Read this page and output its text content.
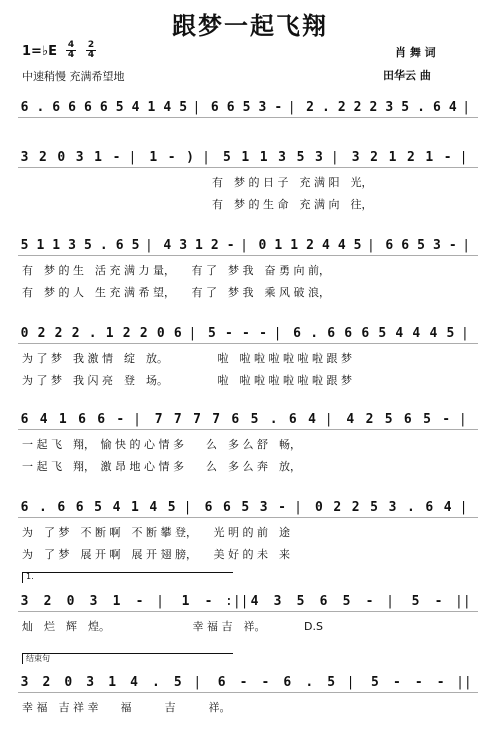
跟梦一起飞翔
1=♭E 4
4
2
4
中速稍慢 充满希望地
肖 舞 词
田华云 曲
6 . 6 6 6 6 5 4 1 4 5 | 6 6 5 3 - | 2 . 2 2 2 3 5 . 6 4 |
3 2 0 3 1 - | 1 - ) | 5 1 1 3 5 3 | 3 2 1 2 1 - |
有　梦 的 日 子　充 满 阳　光，
有　梦 的 生 命　充 满 向　往，
5 1 1 3 5 . 6 5 | 4 3 1 2 - | 0 1 1 2 4 4 5 | 6 6 5 3 - |
有　梦 的 生　活 充 满 力 量，　　有 了　梦 我　奋 勇 向 前，
有　梦 的 人　生 充 满 希 望，　　有 了　梦 我　乘 风 破 浪，
0 2 2 2 . 1 2 2 0 6 | 5 - - - | 6 . 6 6 6 5 4 4 4 5 |
为 了 梦　我 激 情　绽　放。　　　　　啦　啦 啦 啦 啦 啦 啦 跟 梦
为 了 梦　我 闪 亮　登　场。　　　　　啦　啦 啦 啦 啦 啦 啦 跟 梦
6 4 1 6 6 - | 7 7 7 7 6 5 . 6 4 | 4 2 5 6 5 - |
一 起 飞　翔，　愉 快 的 心 情 多　　么　多 么 舒　畅，
一 起 飞　翔，　激 昂 地 心 情 多　　么　多 么 奔　放，
6 . 6 6 5 4 1 4 5 | 6 6 5 3 - | 0 2 2 5 3 . 6 4 |
为　了 梦　不 断 啊　不 断 攀 登，　　光 明 的 前　途
为　了 梦　展 开 啊　展 开 翅 膀，　　美 好 的 未　来
3 2 0 3 1 - | 1 - :|| 4 3 5 6 5 - | 5 - ||
1.
灿　烂　辉　煌。　　　　　　　　幸 福 吉　祥。　　　　D.S
3 2 0 3 1 4 . 5 | 6 - - 6 . 5 | 5 - - - ||
结束句
幸 福　吉 祥 幸　　福　　　吉　　　祥。
